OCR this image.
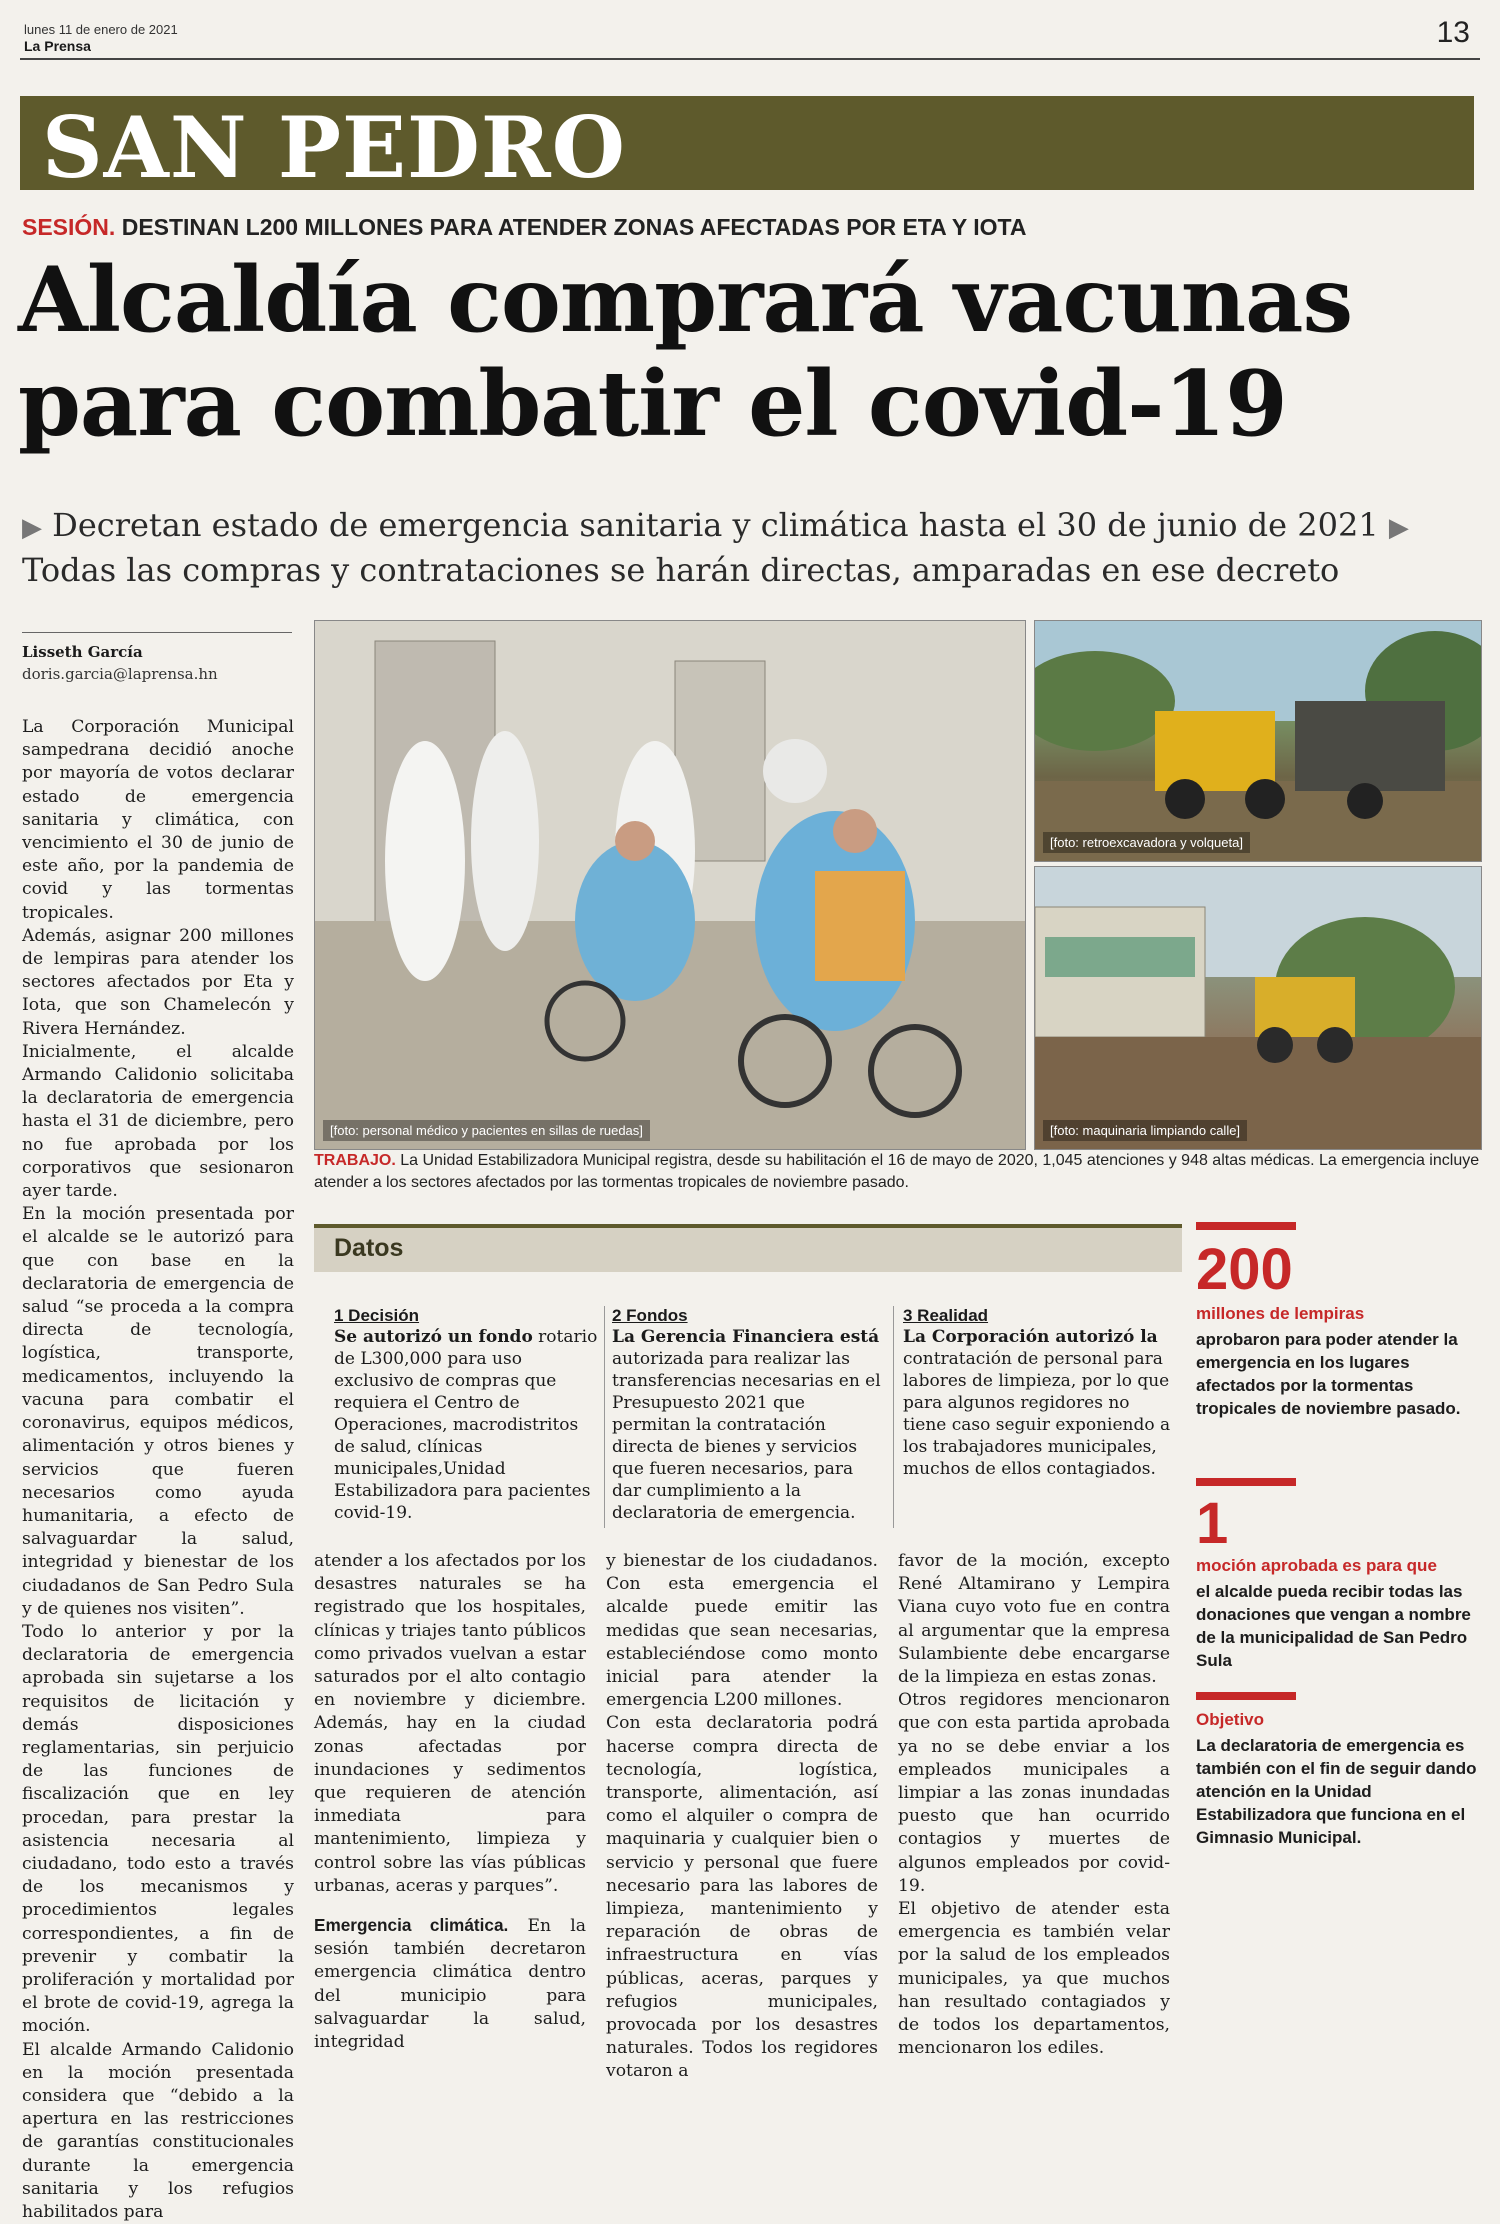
lunes 11 de enero de 2021
La Prensa	13
SAN PEDRO
SESIÓN. DESTINAN L200 MILLONES PARA ATENDER ZONAS AFECTADAS POR ETA Y IOTA
Alcaldía comprará vacunas para combatir el covid-19
▶ Decretan estado de emergencia sanitaria y climática hasta el 30 de junio de 2021 ▶ Todas las compras y contrataciones se harán directas, amparadas en ese decreto
Lisseth García
doris.garcia@laprensa.hn

La Corporación Municipal sampedrana decidió anoche por mayoría de votos declarar estado de emergencia sanitaria y climática, con vencimiento el 30 de junio de este año, por la pandemia de covid y las tormentas tropicales.

Además, asignar 200 millones de lempiras para atender los sectores afectados por Eta y Iota, que son Chamelecón y Rivera Hernández.

Inicialmente, el alcalde Armando Calidonio solicitaba la declaratoria de emergencia hasta el 31 de diciembre, pero no fue aprobada por los corporativos que sesionaron ayer tarde.

En la moción presentada por el alcalde se le autorizó para que con base en la declaratoria de emergencia de salud “se proceda a la compra directa de tecnología, logística, transporte, medicamentos, incluyendo la vacuna para combatir el coronavirus, equipos médicos, alimentación y otros bienes y servicios que fueren necesarios como ayuda humanitaria, a efecto de salvaguardar la salud, integridad y bienestar de los ciudadanos de San Pedro Sula y de quienes nos visiten”.

Todo lo anterior y por la declaratoria de emergencia aprobada sin sujetarse a los requisitos de licitación y demás disposiciones reglamentarias, sin perjuicio de las funciones de fiscalización que en ley procedan, para prestar la asistencia necesaria al ciudadano, todo esto a través de los mecanismos y procedimientos legales correspondientes, a fin de prevenir y combatir la proliferación y mortalidad por el brote de covid-19, agrega la moción.

El alcalde Armando Calidonio en la moción presentada considera que “debido a la apertura en las restricciones de garantías constitucionales durante la emergencia sanitaria y los refugios habilitados para

[foto: personal médico y pacientes en sillas de ruedas]
[foto: retroexcavadora y volqueta]
[foto: maquinaria limpiando calle]
TRABAJO. La Unidad Estabilizadora Municipal registra, desde su habilitación el 16 de mayo de 2020, 1,045 atenciones y 948 altas médicas. La emergencia incluye atender a los sectores afectados por las tormentas tropicales de noviembre pasado.
Datos
1 Decisión
Se autorizó un fondo rotario de L300,000 para uso exclusivo de compras que requiera el Centro de Operaciones, macrodistritos de salud, clínicas municipales,Unidad Estabilizadora para pacientes covid-19.
2 Fondos
La Gerencia Financiera está autorizada para realizar las transferencias necesarias en el Presupuesto 2021 que permitan la contratación directa de bienes y servicios que fueren necesarios, para dar cumplimiento a la declaratoria de emergencia.
3 Realidad
La Corporación autorizó la contratación de personal para labores de limpieza, por lo que para algunos regidores no tiene caso seguir exponiendo a los trabajadores municipales, muchos de ellos contagiados.

atender a los afectados por los desastres naturales se ha registrado que los hospitales, clínicas y triajes tanto públicos como privados vuelvan a estar saturados por el alto contagio en noviembre y diciembre. Además, hay en la ciudad zonas afectadas por inundaciones y sedimentos que requieren de atención inmediata para mantenimiento, limpieza y control sobre las vías públicas urbanas, aceras y parques”.

Emergencia climática. En la sesión también decretaron emergencia climática dentro del municipio para salvaguardar la salud, integridad

y bienestar de los ciudadanos. Con esta emergencia el alcalde puede emitir las medidas que sean necesarias, estableciéndose como monto inicial para atender la emergencia L200 millones.

Con esta declaratoria podrá hacerse compra directa de tecnología, logística, transporte, alimentación, así como el alquiler o compra de maquinaria y cualquier bien o servicio y personal que fuere necesario para las labores de limpieza, mantenimiento y reparación de obras de infraestructura en vías públicas, aceras, parques y refugios municipales, provocada por los desastres naturales. Todos los regidores votaron a

favor de la moción, excepto René Altamirano y Lempira Viana cuyo voto fue en contra al argumentar que la empresa Sulambiente debe encargarse de la limpieza en estas zonas.

Otros regidores mencionaron que con esta partida aprobada ya no se debe enviar a los empleados municipales a limpiar a las zonas inundadas puesto que han ocurrido contagios y muertes de algunos empleados por covid-19.

El objetivo de atender esta emergencia es también velar por la salud de los empleados municipales, ya que muchos han resultado contagiados y de todos los departamentos, mencionaron los ediles.

200
millones de lempiras
aprobaron para poder atender la emergencia en los lugares afectados por la tormentas tropicales de noviembre pasado.
1
moción aprobada es para que
el alcalde pueda recibir todas las donaciones que vengan a nombre de la municipalidad de San Pedro Sula
Objetivo
La declaratoria de emergencia es también con el fin de seguir dando atención en la Unidad Estabilizadora que funciona en el Gimnasio Municipal.
